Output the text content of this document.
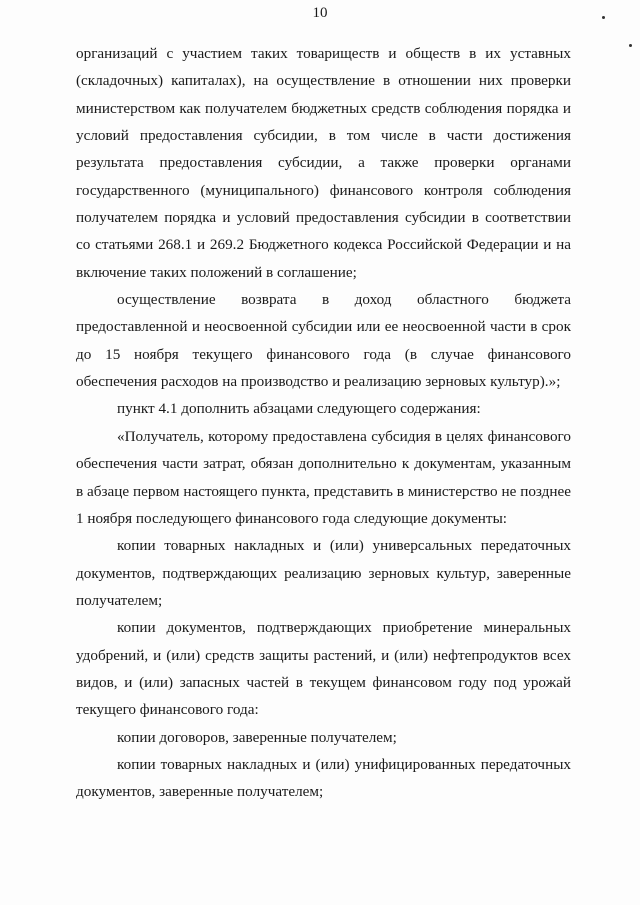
10

организаций с участием таких товариществ и обществ в их уставных (складочных) капиталах), на осуществление в отношении них проверки министерством как получателем бюджетных средств соблюдения порядка и условий предоставления субсидии, в том числе в части достижения результата предоставления субсидии, а также проверки органами государственного (муниципального) финансового контроля соблюдения получателем порядка и условий предоставления субсидии в соответствии со статьями 268.1 и 269.2 Бюджетного кодекса Российской Федерации и на включение таких положений в соглашение;

осуществление возврата в доход областного бюджета предоставленной и неосвоенной субсидии или ее неосвоенной части в срок до 15 ноября текущего финансового года (в случае финансового обеспечения расходов на производство и реализацию зерновых культур).»;

пункт 4.1 дополнить абзацами следующего содержания:

«Получатель, которому предоставлена субсидия в целях финансового обеспечения части затрат, обязан дополнительно к документам, указанным в абзаце первом настоящего пункта, представить в министерство не позднее 1 ноября последующего финансового года следующие документы:

копии товарных накладных и (или) универсальных передаточных документов, подтверждающих реализацию зерновых культур, заверенные получателем;

копии документов, подтверждающих приобретение минеральных удобрений, и (или) средств защиты растений, и (или) нефтепродуктов всех видов, и (или) запасных частей в текущем финансовом году под урожай текущего финансового года:

копии договоров, заверенные получателем;

копии товарных накладных и (или) унифицированных передаточных документов, заверенные получателем;
